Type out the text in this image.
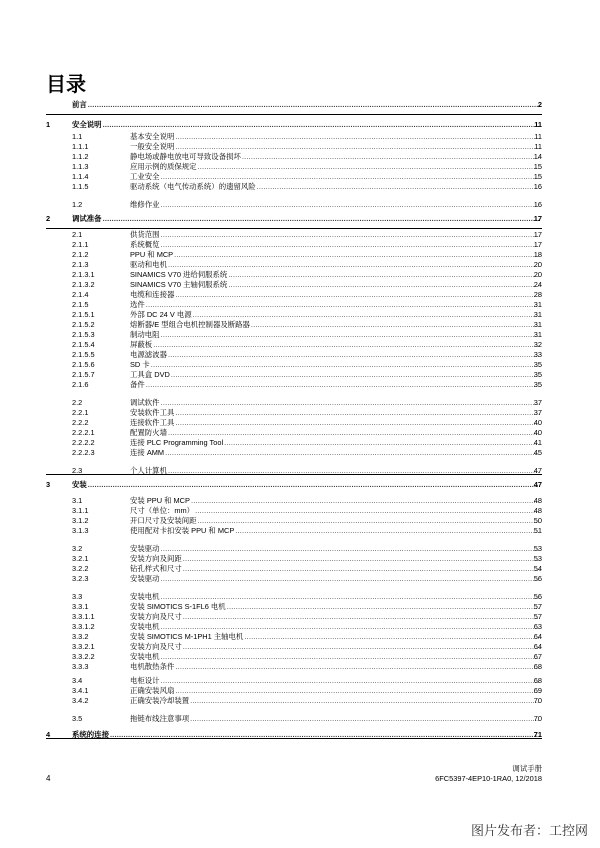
目录
前言 .....	2
1	安全说明 .....	11
1.1	基本安全说明 .....	11
1.1.1	一般安全说明 .....	11
1.1.2	静电场或静电放电可导致设备损坏 .....	14
1.1.3	应用示例的质保规定 .....	15
1.1.4	工业安全 .....	15
1.1.5	驱动系统（电气传动系统）的遗留风险 .....	16
1.2	维修作业 .....	16
2	调试准备 .....	17
2.1	供货范围 .....	17
2.1.1	系统概览 .....	17
2.1.2	PPU 和 MCP .....	18
2.1.3	驱动和电机 .....	20
2.1.3.1	SINAMICS V70 进给伺服系统 .....	20
2.1.3.2	SINAMICS V70 主轴伺服系统 .....	24
2.1.4	电缆和连接器 .....	28
2.1.5	选件 .....	31
2.1.5.1	外部 DC 24 V 电源 .....	31
2.1.5.2	熔断器/E 型组合电机控制器及断路器 .....	31
2.1.5.3	制动电阻 .....	31
2.1.5.4	屏蔽板 .....	32
2.1.5.5	电源滤波器 .....	33
2.1.5.6	SD 卡 .....	35
2.1.5.7	工具盒 DVD .....	35
2.1.6	备件 .....	35
2.2	调试软件 .....	37
2.2.1	安装软件工具 .....	37
2.2.2	连接软件工具 .....	40
2.2.2.1	配置防火墙 .....	40
2.2.2.2	连接 PLC Programming Tool .....	41
2.2.2.3	连接 AMM .....	45
2.3	个人计算机 .....	47
3	安装 .....	47
3.1	安装 PPU 和 MCP .....	48
3.1.1	尺寸（单位：mm） .....	48
3.1.2	开口尺寸及安装间距 .....	50
3.1.3	使用配对卡扣安装 PPU 和 MCP .....	51
3.2	安装驱动 .....	53
3.2.1	安装方向及间距 .....	53
3.2.2	钻孔样式和尺寸 .....	54
3.2.3	安装驱动 .....	56
3.3	安装电机 .....	56
3.3.1	安装 SIMOTICS S-1FL6 电机 .....	57
3.3.1.1	安装方向及尺寸 .....	57
3.3.1.2	安装电机 .....	63
3.3.2	安装 SIMOTICS M-1PH1 主轴电机 .....	64
3.3.2.1	安装方向及尺寸 .....	64
3.3.2.2	安装电机 .....	67
3.3.3	电机散热条件 .....	68
3.4	电柜设计 .....	68
3.4.1	正确安装风扇 .....	69
3.4.2	正确安装冷却装置 .....	70
3.5	拖链布线注意事项 .....	70
4	系统的连接 .....	71
4
调试手册
6FC5397-4EP10-1RA0, 12/2018
图片发布者：工控网
